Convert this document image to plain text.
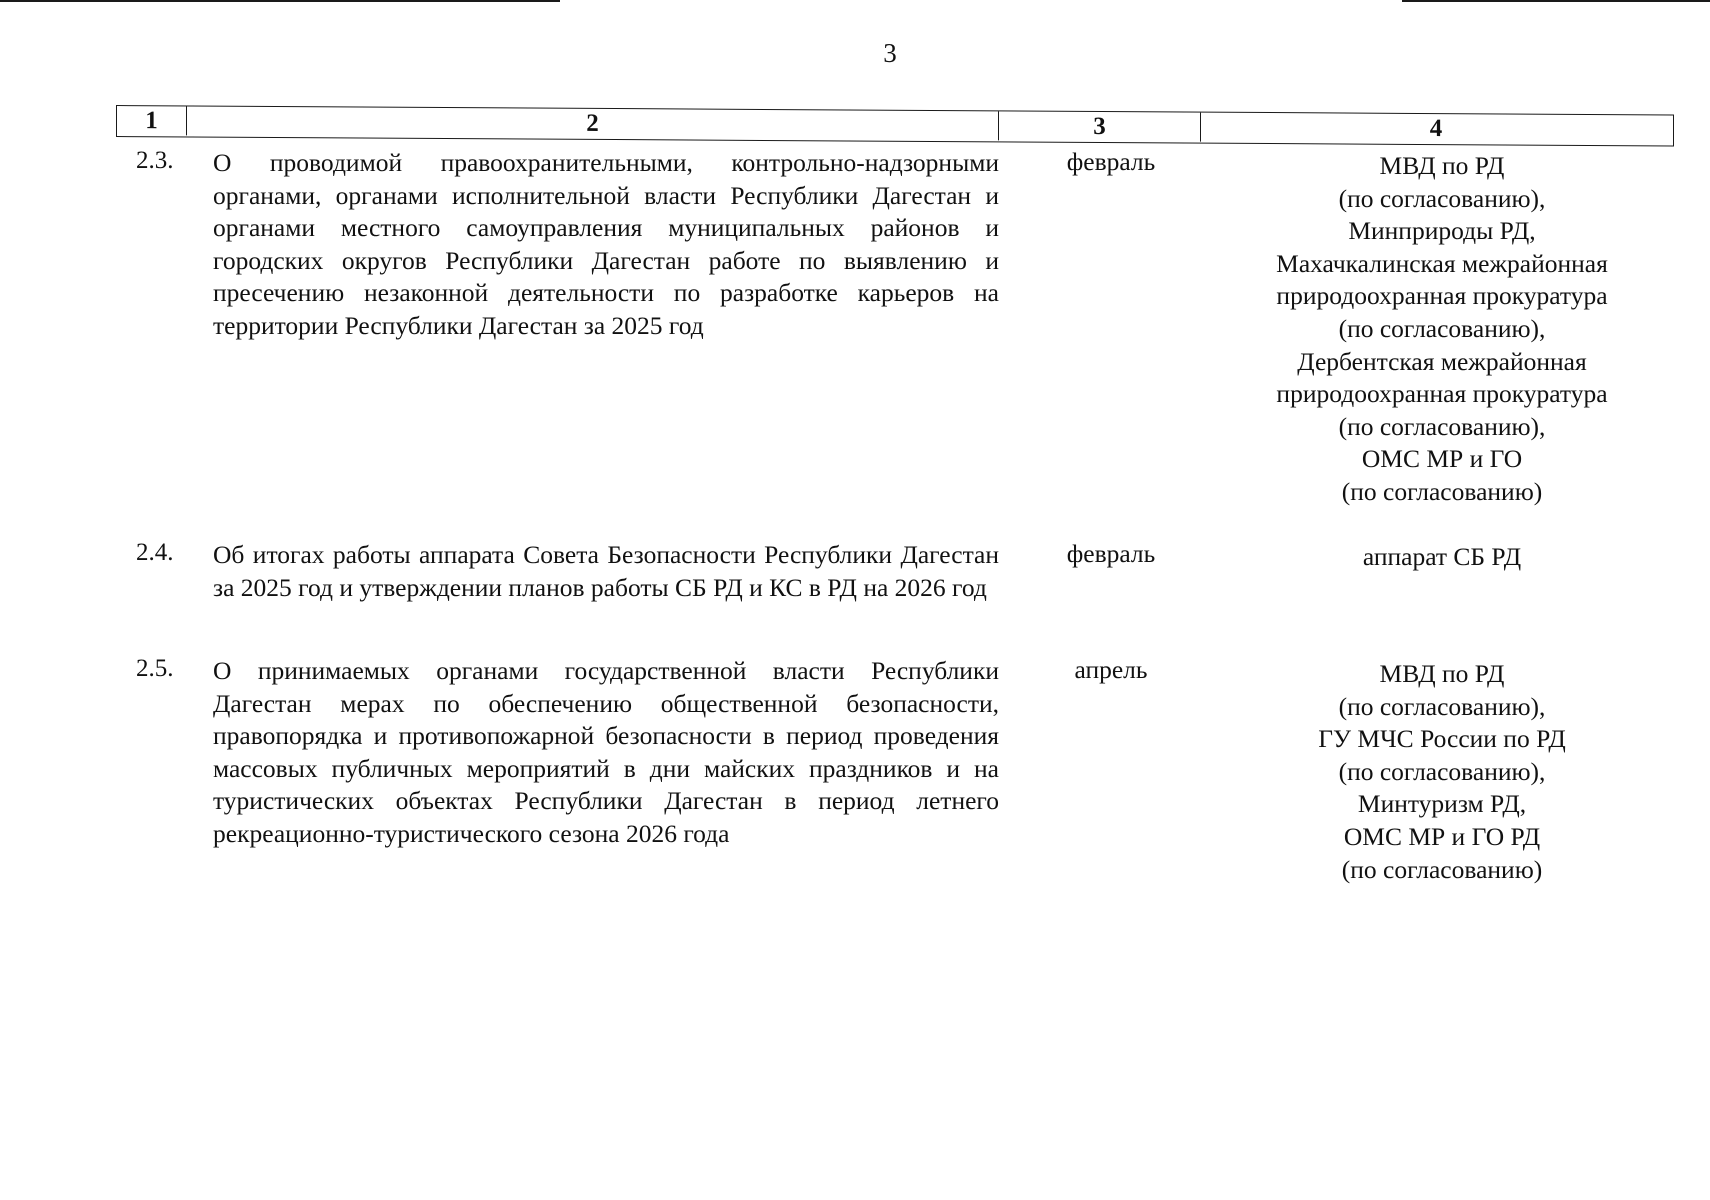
3
1	2	3	4
2.3. О проводимой правоохранительными, контрольно-надзорными органами, органами исполнительной власти Республики Дагестан и органами местного самоуправления муниципальных районов и городских округов Республики Дагестан работе по выявлению и пресечению незаконной деятельности по разработке карьеров на территории Республики Дагестан за 2025 год
февраль	МВД по РД
(по согласованию),
Минприроды РД,
Махачкалинская межрайонная
природоохранная прокуратура
(по согласованию),
Дербентская межрайонная
природоохранная прокуратура
(по согласованию),
ОМС МР и ГО
(по согласованию)
2.4. Об итогах работы аппарата Совета Безопасности Республики Дагестан за 2025 год и утверждении планов работы СБ РД и КС в РД на 2026 год
февраль	аппарат СБ РД
2.5. О принимаемых органами государственной власти Республики Дагестан мерах по обеспечению общественной безопасности, правопорядка и противопожарной безопасности в период проведения массовых публичных мероприятий в дни майских праздников и на туристических объектах Республики Дагестан в период летнего рекреационно-туристического сезона 2026 года
апрель	МВД по РД
(по согласованию),
ГУ МЧС России по РД
(по согласованию),
Минтуризм РД,
ОМС МР и ГО РД
(по согласованию)
